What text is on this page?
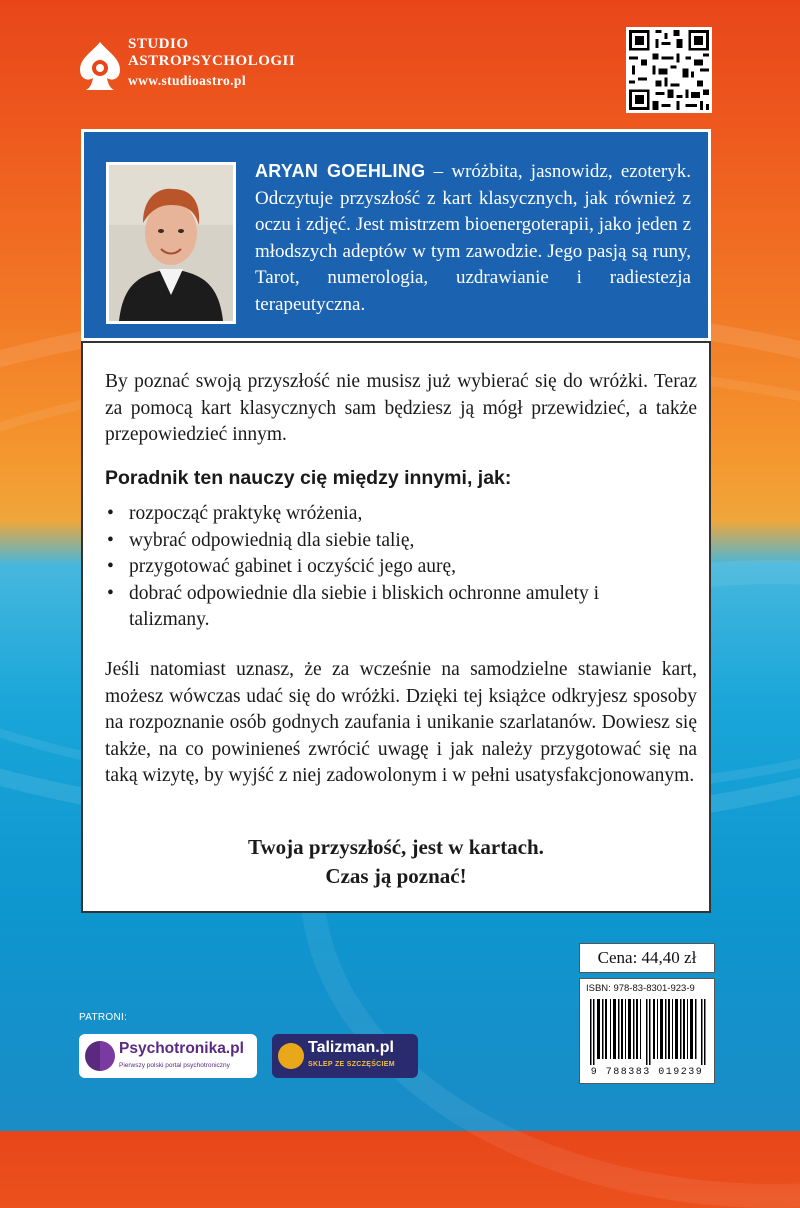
STUDIO
ASTROPSYCHOLOGII
www.studioastro.pl
ARYAN GOEHLING – wróżbita, jasnowidz, ezoteryk. Odczytuje przyszłość z kart klasycznych, jak również z oczu i zdjęć. Jest mistrzem bioenergoterapii, jako jeden z młodszych adeptów w tym zawodzie. Jego pasją są runy, Tarot, numerologia, uzdrawianie i radiestezja terapeutyczna.

By poznać swoją przyszłość nie musisz już wybierać się do wróżki. Teraz za pomocą kart klasycznych sam będziesz ją mógł przewidzieć, a także przepowiedzieć innym.

Poradnik ten nauczy cię między innymi, jak:

• rozpocząć praktykę wróżenia,
• wybrać odpowiednią dla siebie talię,
• przygotować gabinet i oczyścić jego aurę,
• dobrać odpowiednie dla siebie i bliskich ochronne amulety i talizmany.

Jeśli natomiast uznasz, że za wcześnie na samodzielne stawianie kart, możesz wówczas udać się do wróżki. Dzięki tej książce odkryjesz sposoby na rozpoznanie osób godnych zaufania i unikanie szarlatanów. Dowiesz się także, na co powinieneś zwrócić uwagę i jak należy przygotować się na taką wizytę, by wyjść z niej zadowolonym i w pełni usatysfakcjonowanym.

Twoja przyszłość, jest w kartach.
Czas ją poznać!
Cena: 44,40 zł
ISBN: 978-83-8301-923-9
9 788383 019239
PATRONI:
Psychotronika.pl
Pierwszy polski portal psychotroniczny
Talizman.pl
SKLEP ZE SZCZĘŚCIEM
